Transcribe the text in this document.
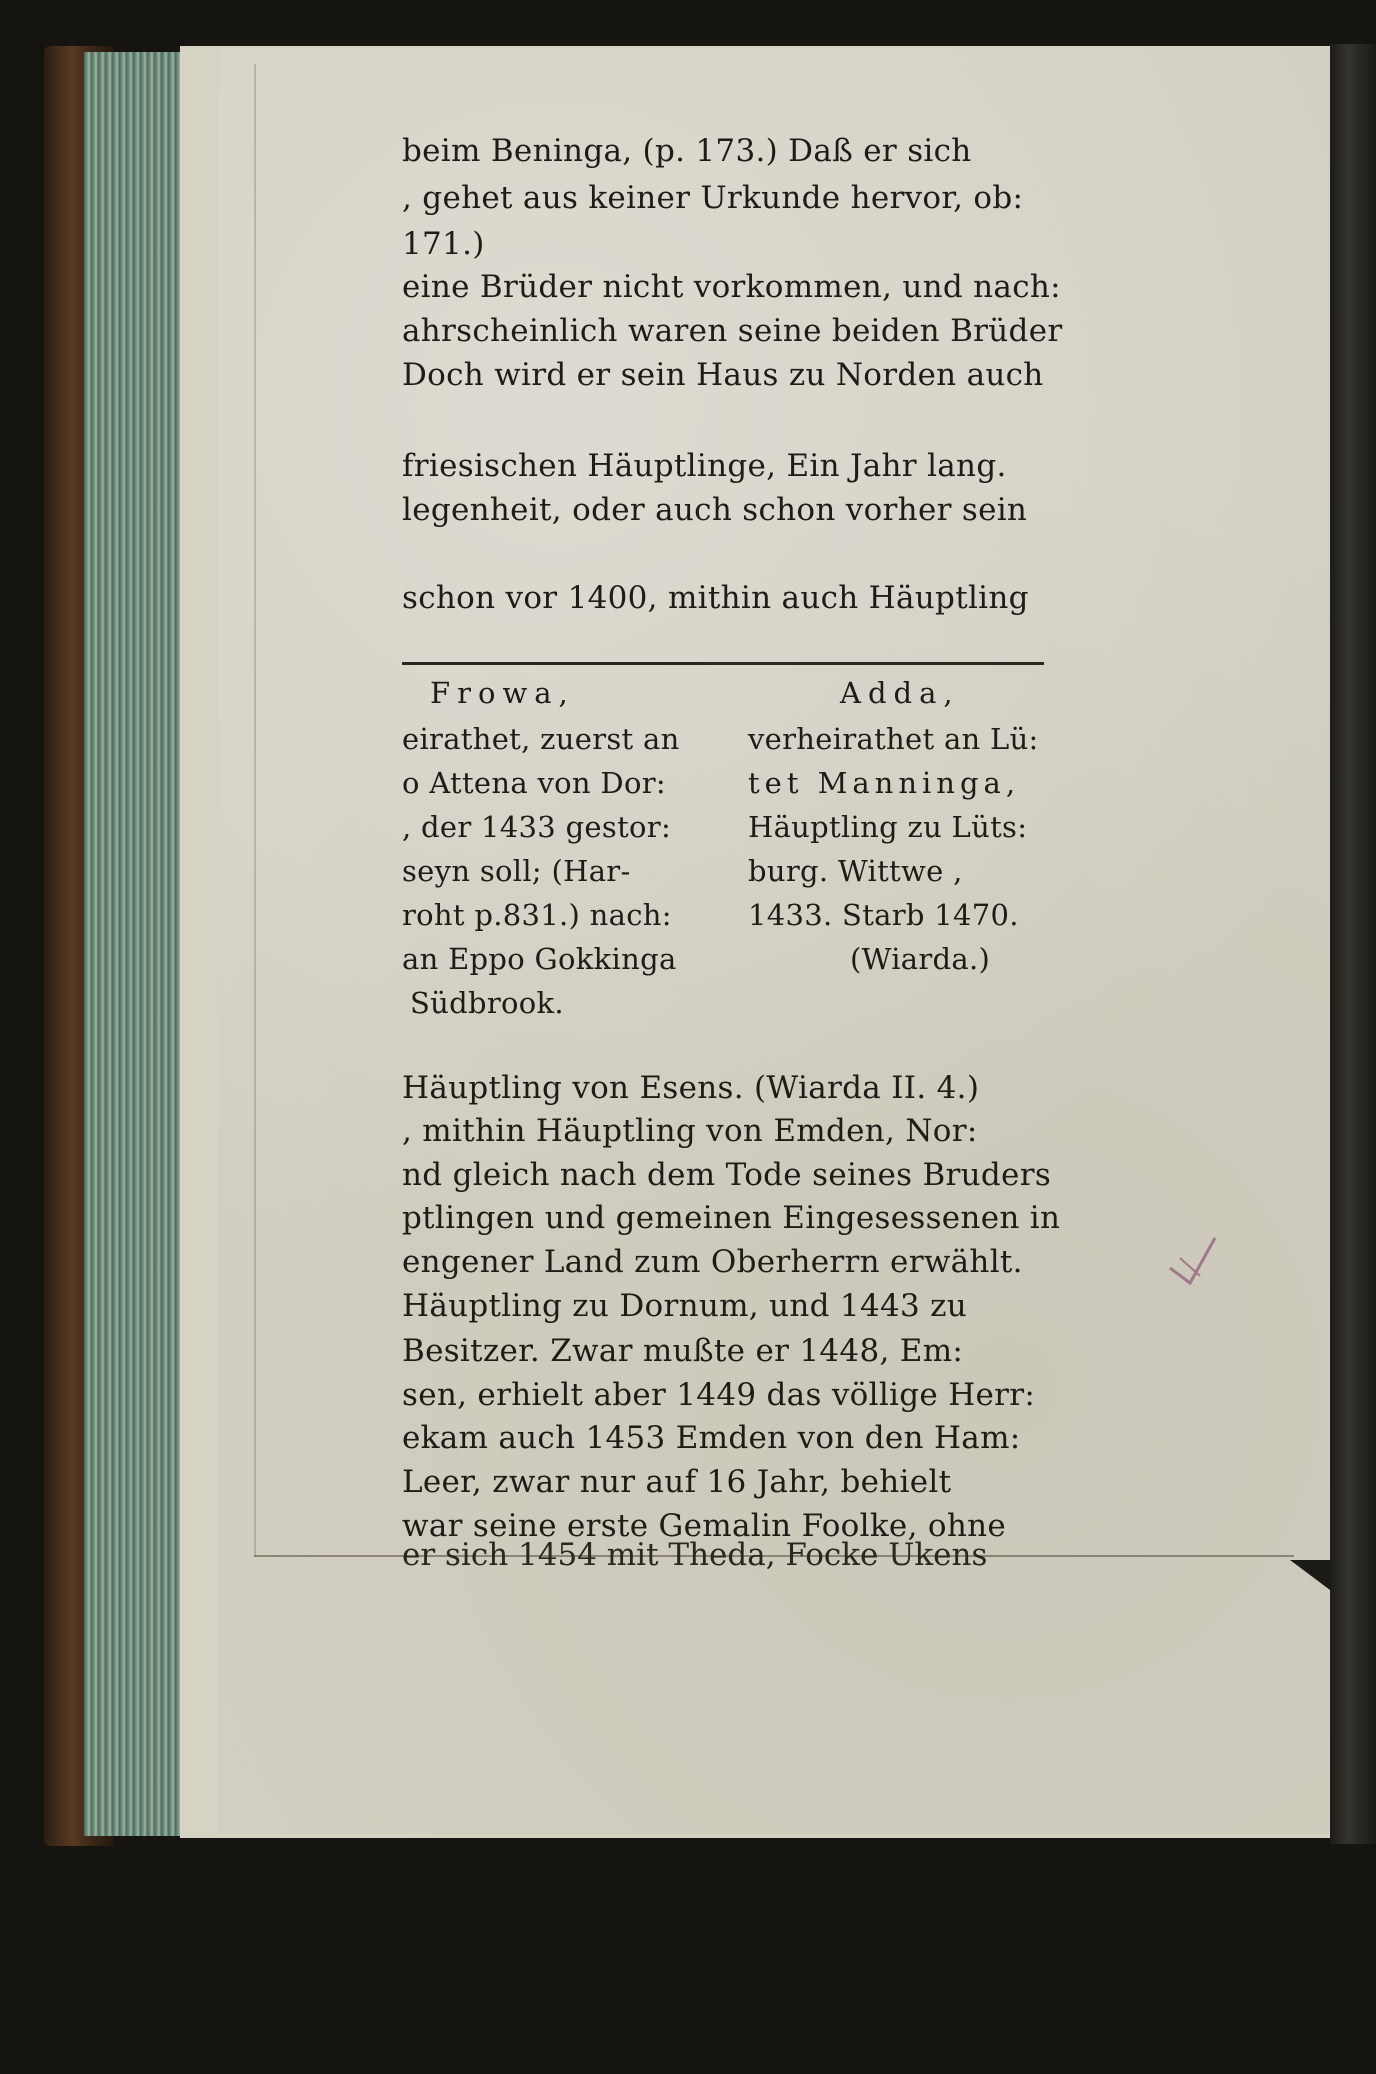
beim Beninga, (p. 173.) Daß er sich
, gehet aus keiner Urkunde hervor, ob:
171.)
eine Brüder nicht vorkommen, und nach:
ahrscheinlich waren seine beiden Brüder
Doch wird er sein Haus zu Norden auch
friesischen Häuptlinge, Ein Jahr lang.
legenheit, oder auch schon vorher sein
schon vor 1400, mithin auch Häuptling
Frowa,
eirathet, zuerst an
o Attena von Dor:
, der 1433 gestor:
seyn soll; (Har-
roht p.831.) nach:
an Eppo Gokkinga
Südbrook.
Adda,
verheirathet an Lü:
tet Manninga,
Häuptling zu Lüts:
burg. Wittwe ,
1433. Starb 1470.
(Wiarda.)
Häuptling von Esens. (Wiarda II. 4.)
, mithin Häuptling von Emden, Nor:
nd gleich nach dem Tode seines Bruders
ptlingen und gemeinen Eingesessenen in
engener Land zum Oberherrn erwählt.
Häuptling zu Dornum, und 1443 zu
Besitzer. Zwar mußte er 1448, Em:
sen, erhielt aber 1449 das völlige Herr:
ekam auch 1453 Emden von den Ham:
Leer, zwar nur auf 16 Jahr, behielt
war seine erste Gemalin Foolke, ohne
er sich 1454 mit Theda, Focke Ukens
